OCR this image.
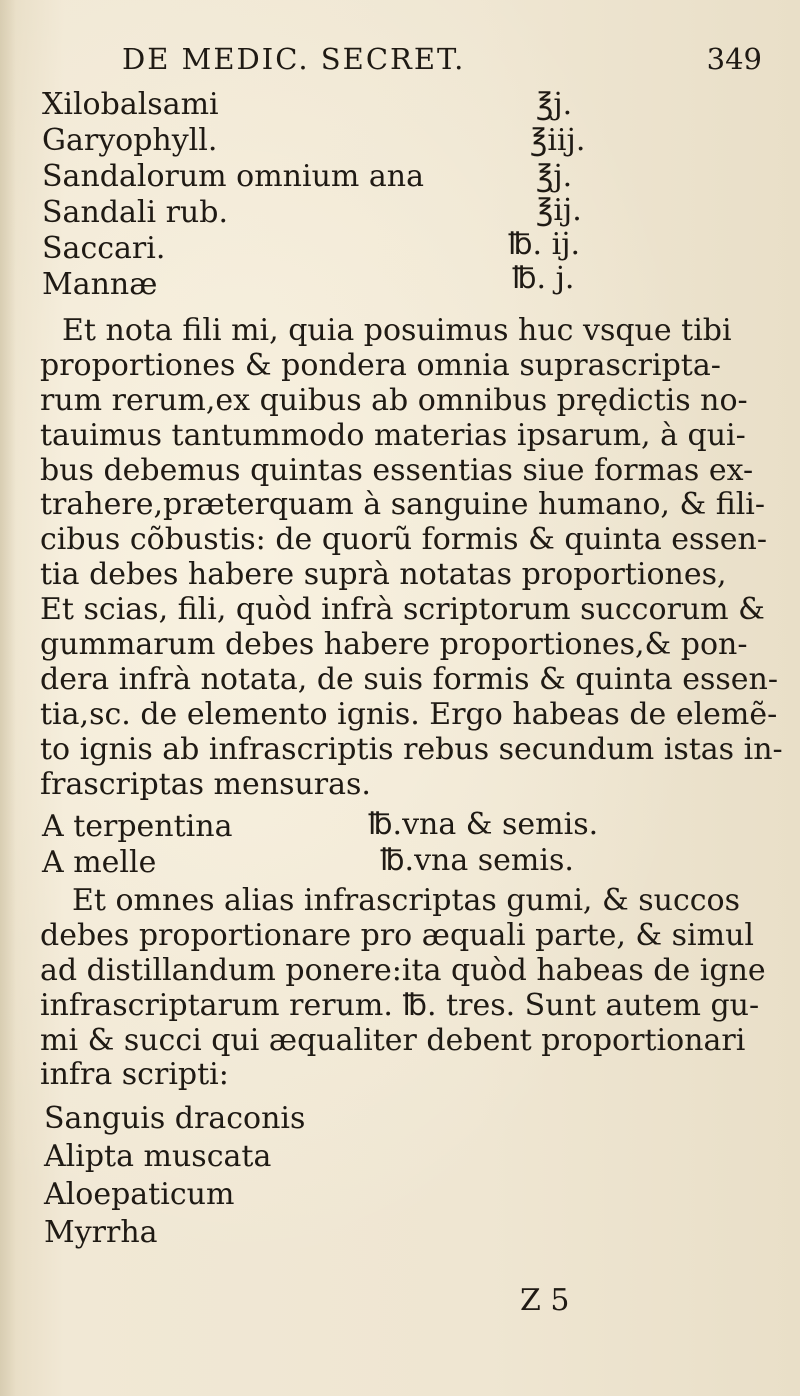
DE MEDIC. SECRET.	349
Xilobalsami	℥j.
Garyophyll.	℥iij.
Sandalorum omnium ana	℥j.
Sandali rub.	℥ij.
Saccari.	℔. ij.
Mannæ	℔. j.
Et nota fili mi, quia posuimus huc vsque tibi
proportiones & pondera omnia suprascripta-
rum rerum,ex quibus ab omnibus prędictis no-
tauimus tantummodo materias ipsarum, à qui-
bus debemus quintas essentias siue formas ex-
trahere,præterquam à sanguine humano, & fili-
cibus cõbustis: de quorũ formis & quinta essen-
tia debes habere suprà notatas proportiones,
Et scias, fili, quòd infrà scriptorum succorum &
gummarum debes habere proportiones,& pon-
dera infrà notata, de suis formis & quinta essen-
tia,sc. de elemento ignis. Ergo habeas de elemẽ-
to ignis ab infrascriptis rebus secundum istas in-
frascriptas mensuras.
A terpentina	℔.vna & semis.
A melle	℔.vna semis.
Et omnes alias infrascriptas gumi, & succos
debes proportionare pro æquali parte, & simul
ad distillandum ponere:ita quòd habeas de igne
infrascriptarum rerum. ℔. tres. Sunt autem gu-
mi & succi qui æqualiter debent proportionari
infra scripti:
Sanguis draconis
Alipta muscata
Aloepaticum
Myrrha
Z 5
